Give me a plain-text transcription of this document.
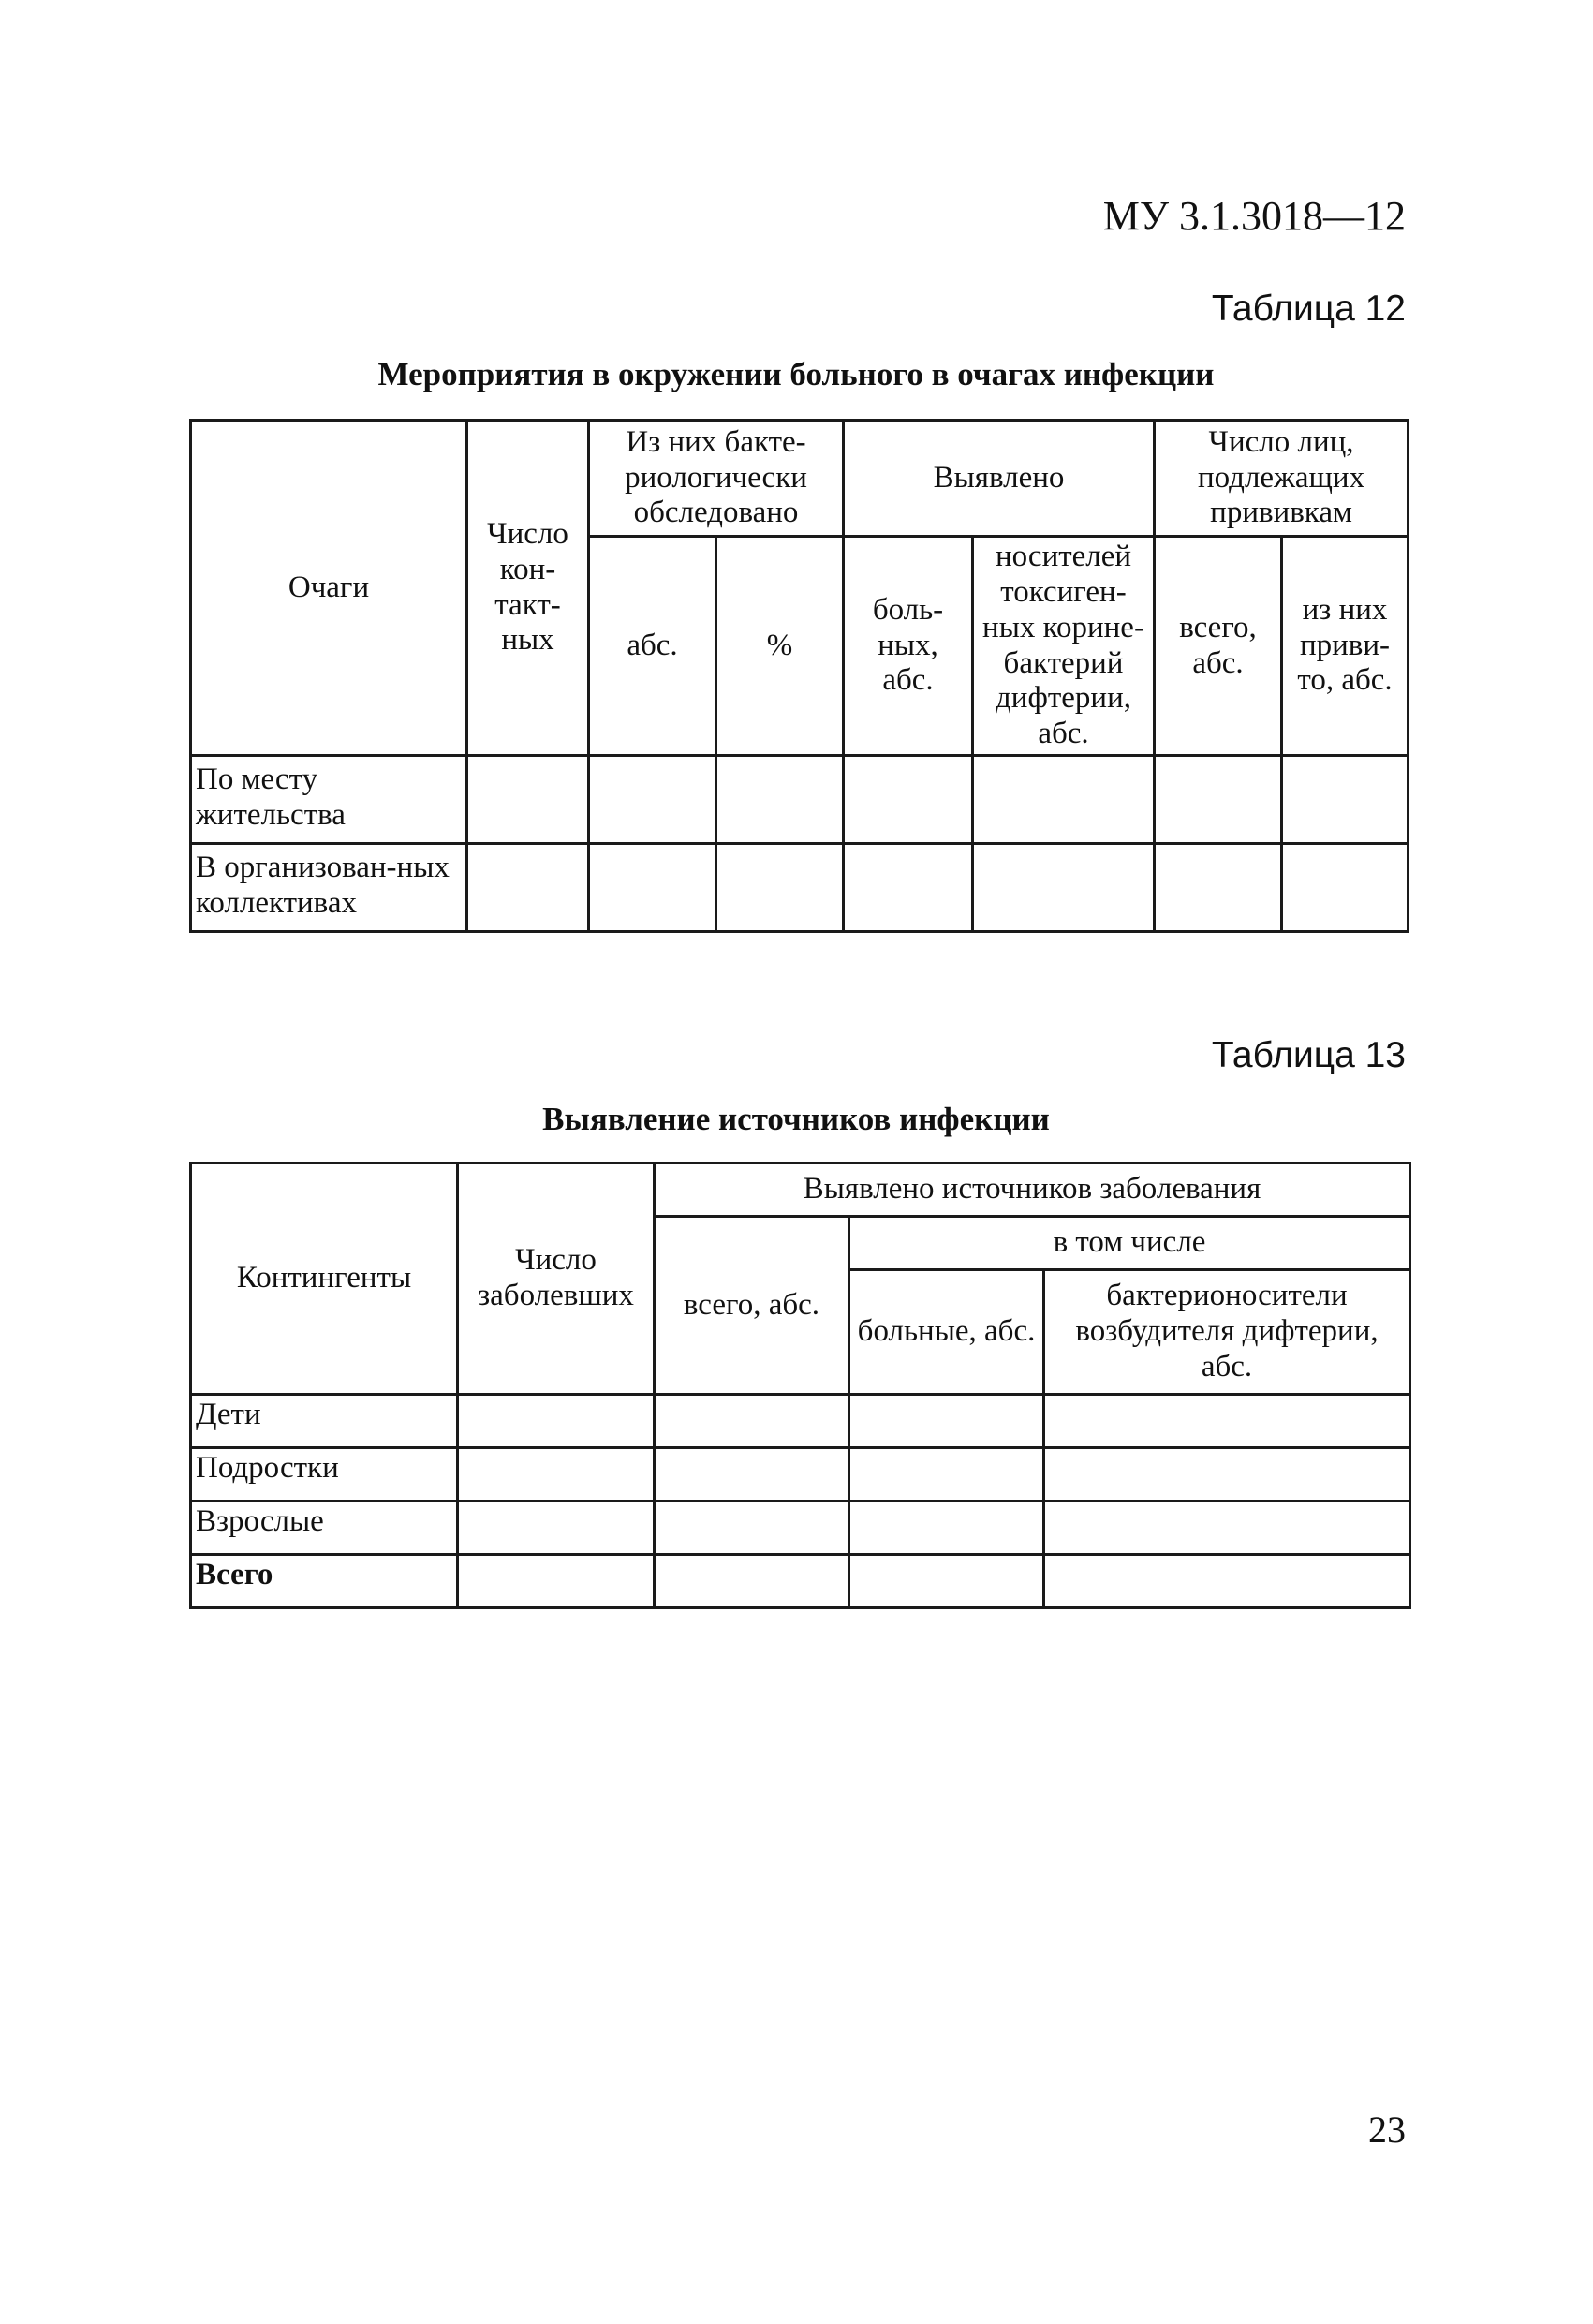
МУ 3.1.3018—12
Таблица 12
Мероприятия в окружении больного в очагах инфекции
Очаги	Число кон-такт-ных	Из них бакте-риологически обследовано		Выявлено		Число лиц, подлежащих прививкам	
		абс.	%	боль-ных, абс.	носителей токсиген-ных корине-бактерий дифтерии, абс.	всего, абс.	из них приви-то, абс.
По месту жительства							
В организован-ных коллективах							
Таблица 13
Выявление источников инфекции
Контингенты	Число заболевших	Выявлено источников заболевания		
		всего, абс.	в том числе	
			больные, абс.	бактерионосители возбудителя дифтерии, абс.
Дети				
Подростки				
Взрослые				
Всего				
23
